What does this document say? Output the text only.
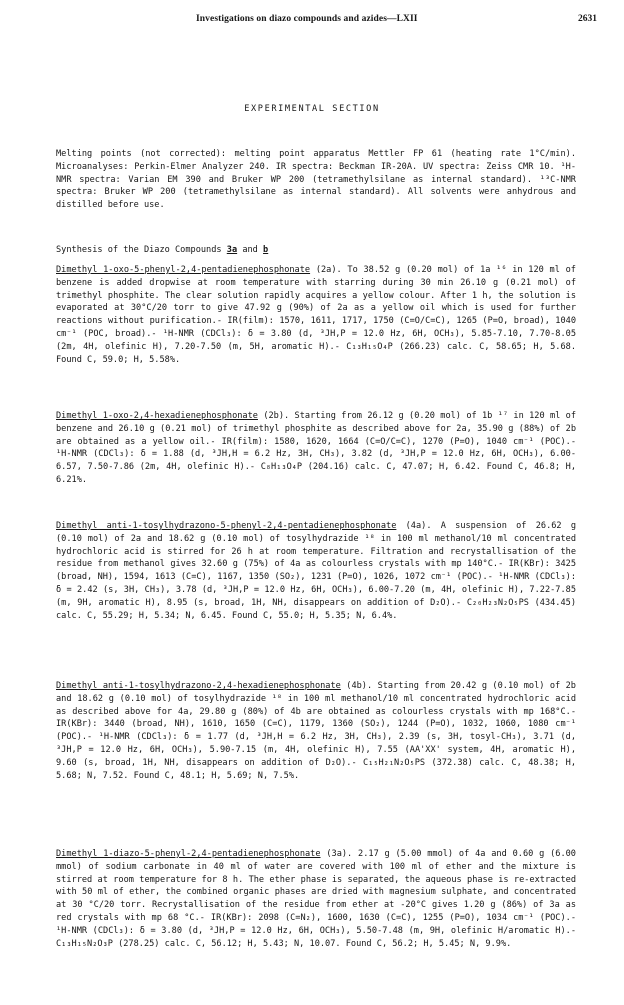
Investigations on diazo compounds and azides—LXII	2631
EXPERIMENTAL SECTION

Melting points (not corrected): melting point apparatus Mettler FP 61 (heating rate 1°C/min). Microanalyses: Perkin-Elmer Analyzer 240. IR spectra: Beckman IR-20A. UV spectra: Zeiss CMR 10. ¹H-NMR spectra: Varian EM 390 and Bruker WP 200 (tetramethylsilane as internal standard). ¹³C-NMR spectra: Bruker WP 200 (tetramethylsilane as internal standard). All solvents were anhydrous and distilled before use.

Synthesis of the Diazo Compounds 3a and b

Dimethyl 1-oxo-5-phenyl-2,4-pentadienephosphonate (2a). To 38.52 g (0.20 mol) of 1a ¹⁶ in 120 ml of benzene is added dropwise at room temperature with starring during 30 min 26.10 g (0.21 mol) of trimethyl phosphite. The clear solution rapidly acquires a yellow colour. After 1 h, the solution is evaporated at 30°C/20 torr to give 47.92 g (90%) of 2a as a yellow oil which is used for further reactions without purification.- IR(film): 1570, 1611, 1717, 1750 (C=O/C=C), 1265 (P=O, broad), 1040 cm⁻¹ (POC, broad).- ¹H-NMR (CDCl₃): δ = 3.80 (d, ³JH,P = 12.0 Hz, 6H, OCH₃), 5.85-7.10, 7.70-8.05 (2m, 4H, olefinic H), 7.20-7.50 (m, 5H, aromatic H).- C₁₃H₁₅O₄P (266.23) calc. C, 58.65; H, 5.68. Found C, 59.0; H, 5.58%.

Dimethyl 1-oxo-2,4-hexadienephosphonate (2b). Starting from 26.12 g (0.20 mol) of 1b ¹⁷ in 120 ml of benzene and 26.10 g (0.21 mol) of trimethyl phosphite as described above for 2a, 35.90 g (88%) of 2b are obtained as a yellow oil.- IR(film): 1580, 1620, 1664 (C=O/C=C), 1270 (P=O), 1040 cm⁻¹ (POC).- ¹H-NMR (CDCl₃): δ = 1.88 (d, ³JH,H = 6.2 Hz, 3H, CH₃), 3.82 (d, ³JH,P = 12.0 Hz, 6H, OCH₃), 6.00-6.57, 7.50-7.86 (2m, 4H, olefinic H).- C₈H₁₃O₄P (204.16) calc. C, 47.07; H, 6.42. Found C, 46.8; H, 6.21%.

Dimethyl anti-1-tosylhydrazono-5-phenyl-2,4-pentadienephosphonate (4a). A suspension of 26.62 g (0.10 mol) of 2a and 18.62 g (0.10 mol) of tosylhydrazide ¹⁸ in 100 ml methanol/10 ml concentrated hydrochloric acid is stirred for 26 h at room temperature. Filtration and recrystallisation of the residue from methanol gives 32.60 g (75%) of 4a as colourless crystals with mp 140°C.- IR(KBr): 3425 (broad, NH), 1594, 1613 (C=C), 1167, 1350 (SO₂), 1231 (P=O), 1026, 1072 cm⁻¹ (POC).- ¹H-NMR (CDCl₃): δ = 2.42 (s, 3H, CH₃), 3.78 (d, ³JH,P = 12.0 Hz, 6H, OCH₃), 6.00-7.20 (m, 4H, olefinic H), 7.22-7.85 (m, 9H, aromatic H), 8.95 (s, broad, 1H, NH, disappears on addition of D₂O).- C₂₀H₂₃N₂O₅PS (434.45) calc. C, 55.29; H, 5.34; N, 6.45. Found C, 55.0; H, 5.35; N, 6.4%.

Dimethyl anti-1-tosylhydrazono-2,4-hexadienephosphonate (4b). Starting from 20.42 g (0.10 mol) of 2b and 18.62 g (0.10 mol) of tosylhydrazide ¹⁸ in 100 ml methanol/10 ml concentrated hydrochloric acid as described above for 4a, 29.80 g (80%) of 4b are obtained as colourless crystals with mp 168°C.- IR(KBr): 3440 (broad, NH), 1610, 1650 (C=C), 1179, 1360 (SO₂), 1244 (P=O), 1032, 1060, 1080 cm⁻¹ (POC).- ¹H-NMR (CDCl₃): δ = 1.77 (d, ³JH,H = 6.2 Hz, 3H, CH₃), 2.39 (s, 3H, tosyl-CH₃), 3.71 (d, ³JH,P = 12.0 Hz, 6H, OCH₃), 5.90-7.15 (m, 4H, olefinic H), 7.55 (AA'XX' system, 4H, aromatic H), 9.60 (s, broad, 1H, NH, disappears on addition of D₂O).- C₁₅H₂₁N₂O₅PS (372.38) calc. C, 48.38; H, 5.68; N, 7.52. Found C, 48.1; H, 5.69; N, 7.5%.

Dimethyl 1-diazo-5-phenyl-2,4-pentadienephosphonate (3a). 2.17 g (5.00 mmol) of 4a and 0.60 g (6.00 mmol) of sodium carbonate in 40 ml of water are covered with 100 ml of ether and the mixture is stirred at room temperature for 8 h. The ether phase is separated, the aqueous phase is re-extracted with 50 ml of ether, the combined organic phases are dried with magnesium sulphate, and concentrated at 30 °C/20 torr. Recrystallisation of the residue from ether at -20°C gives 1.20 g (86%) of 3a as red crystals with mp 68 °C.- IR(KBr): 2098 (C=N₂), 1600, 1630 (C=C), 1255 (P=O), 1034 cm⁻¹ (POC).- ¹H-NMR (CDCl₃): δ = 3.80 (d, ³JH,P = 12.0 Hz, 6H, OCH₃), 5.50-7.48 (m, 9H, olefinic H/aromatic H).- C₁₃H₁₅N₂O₃P (278.25) calc. C, 56.12; H, 5.43; N, 10.07. Found C, 56.2; H, 5.45; N, 9.9%.
